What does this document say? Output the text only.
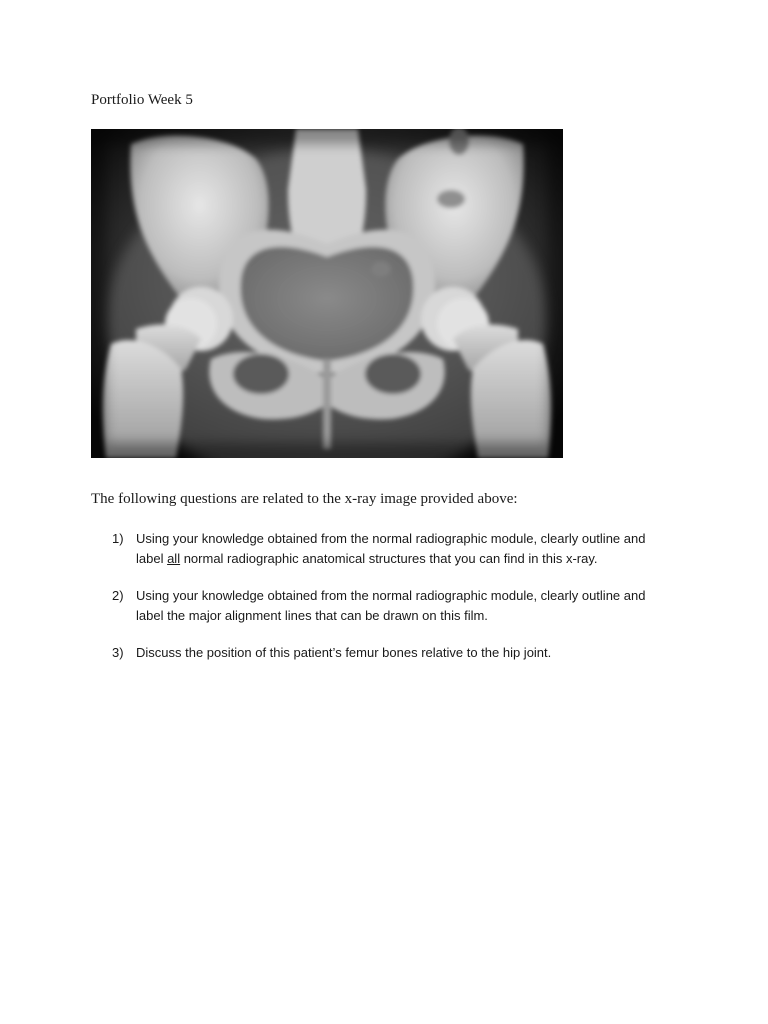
Portfolio Week 5
The following questions are related to the x-ray image provided above:
1) Using your knowledge obtained from the normal radiographic module, clearly outline and label all normal radiographic anatomical structures that you can find in this x-ray.
2) Using your knowledge obtained from the normal radiographic module, clearly outline and label the major alignment lines that can be drawn on this film.
3) Discuss the position of this patient’s femur bones relative to the hip joint.
